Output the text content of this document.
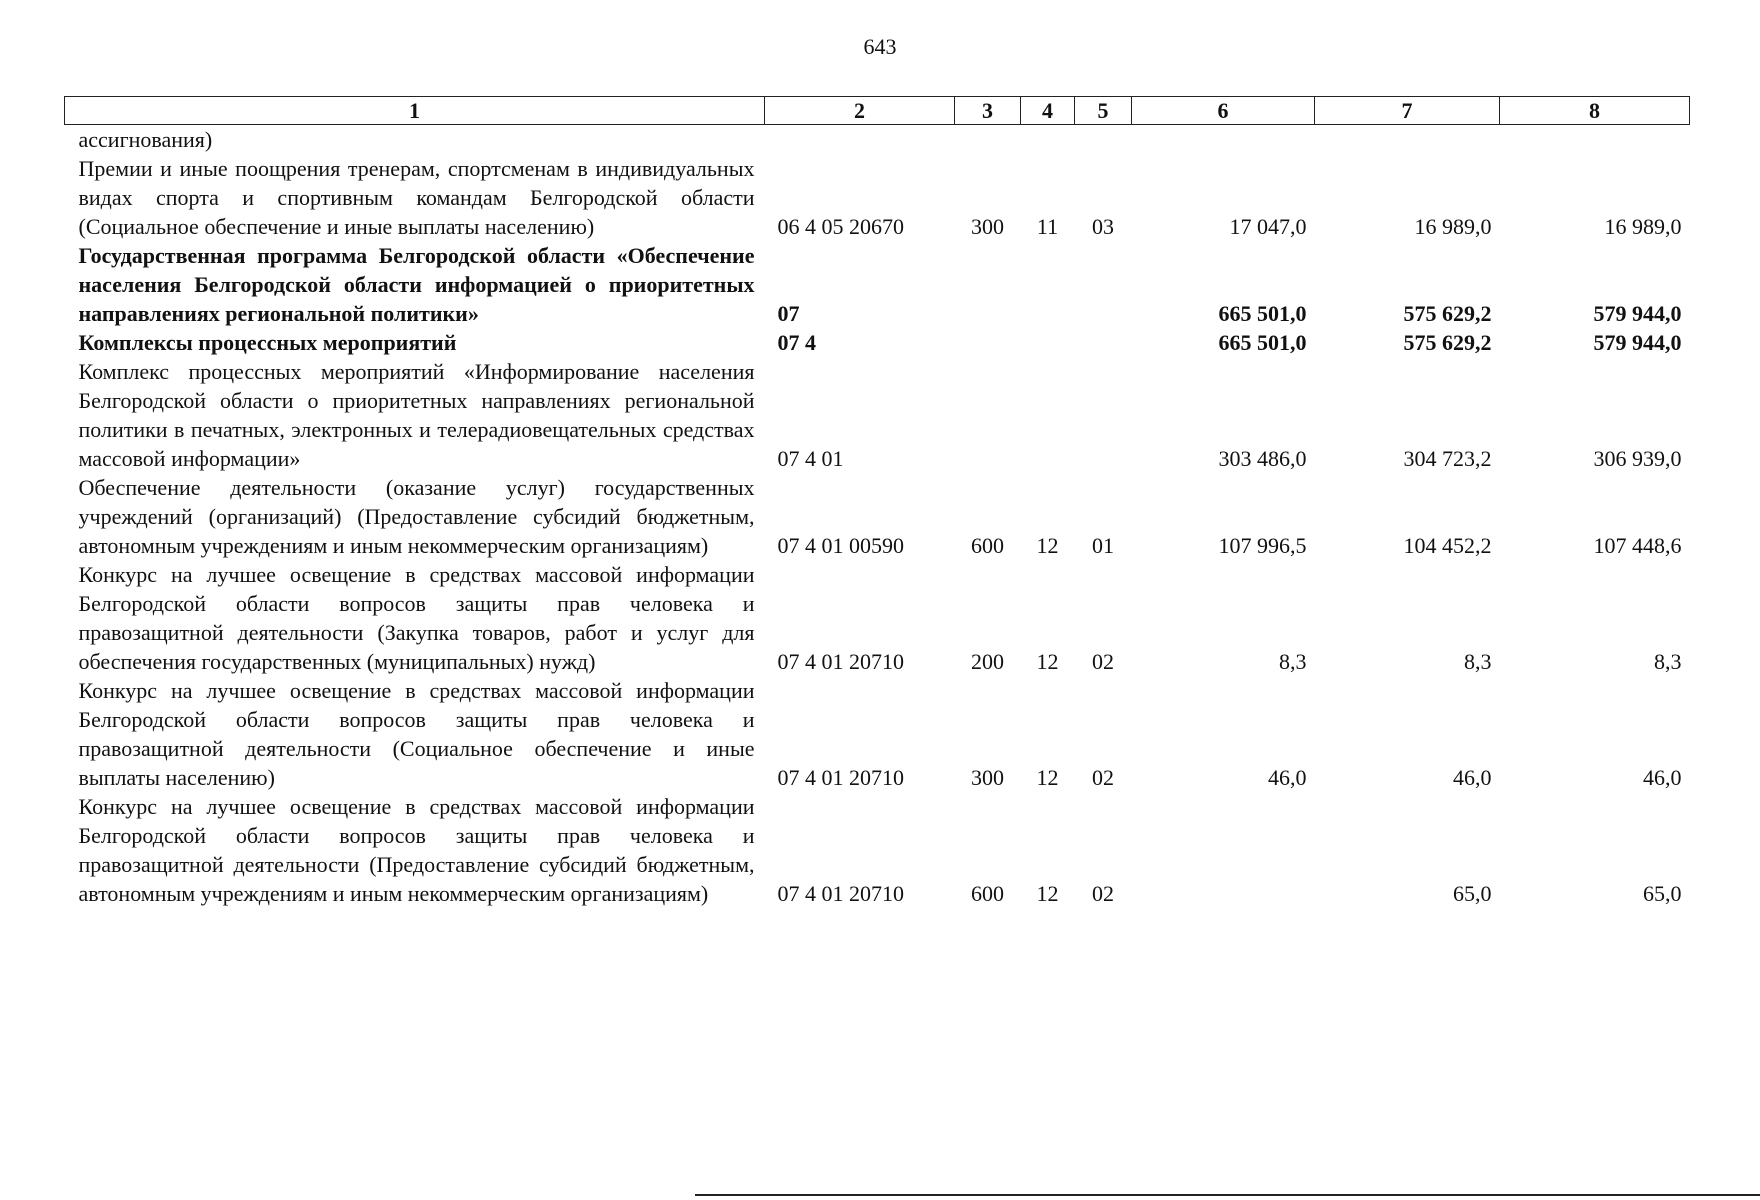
643
1	2	3	4	5	6	7	8
ассигнования)							
Премии и иные поощрения тренерам, спортсменам в индивидуальных видах спорта и спортивным командам Белгородской области (Социальное обеспечение и иные выплаты населению)	06 4 05 20670	300	11	03	17 047,0	16 989,0	16 989,0
Государственная программа Белгородской области «Обеспечение населения Белгородской области информацией о приоритетных направлениях региональной политики»	07				665 501,0	575 629,2	579 944,0
Комплексы процессных мероприятий	07 4				665 501,0	575 629,2	579 944,0
Комплекс процессных мероприятий «Информирование населения Белгородской области о приоритетных направлениях региональной политики в печатных, электронных и телерадиовещательных средствах массовой информации»	07 4 01				303 486,0	304 723,2	306 939,0
Обеспечение деятельности (оказание услуг) государственных учреждений (организаций) (Предоставление субсидий бюджетным, автономным учреждениям и иным некоммерческим организациям)	07 4 01 00590	600	12	01	107 996,5	104 452,2	107 448,6
Конкурс на лучшее освещение в средствах массовой информации Белгородской области вопросов защиты прав человека и правозащитной деятельности (Закупка товаров, работ и услуг для обеспечения государственных (муниципальных) нужд)	07 4 01 20710	200	12	02	8,3	8,3	8,3
Конкурс на лучшее освещение в средствах массовой информации Белгородской области вопросов защиты прав человека и правозащитной деятельности (Социальное обеспечение и иные выплаты населению)	07 4 01 20710	300	12	02	46,0	46,0	46,0
Конкурс на лучшее освещение в средствах массовой информации Белгородской области вопросов защиты прав человека и правозащитной деятельности (Предоставление субсидий бюджетным, автономным учреждениям и иным некоммерческим организациям)	07 4 01 20710	600	12	02		65,0	65,0
